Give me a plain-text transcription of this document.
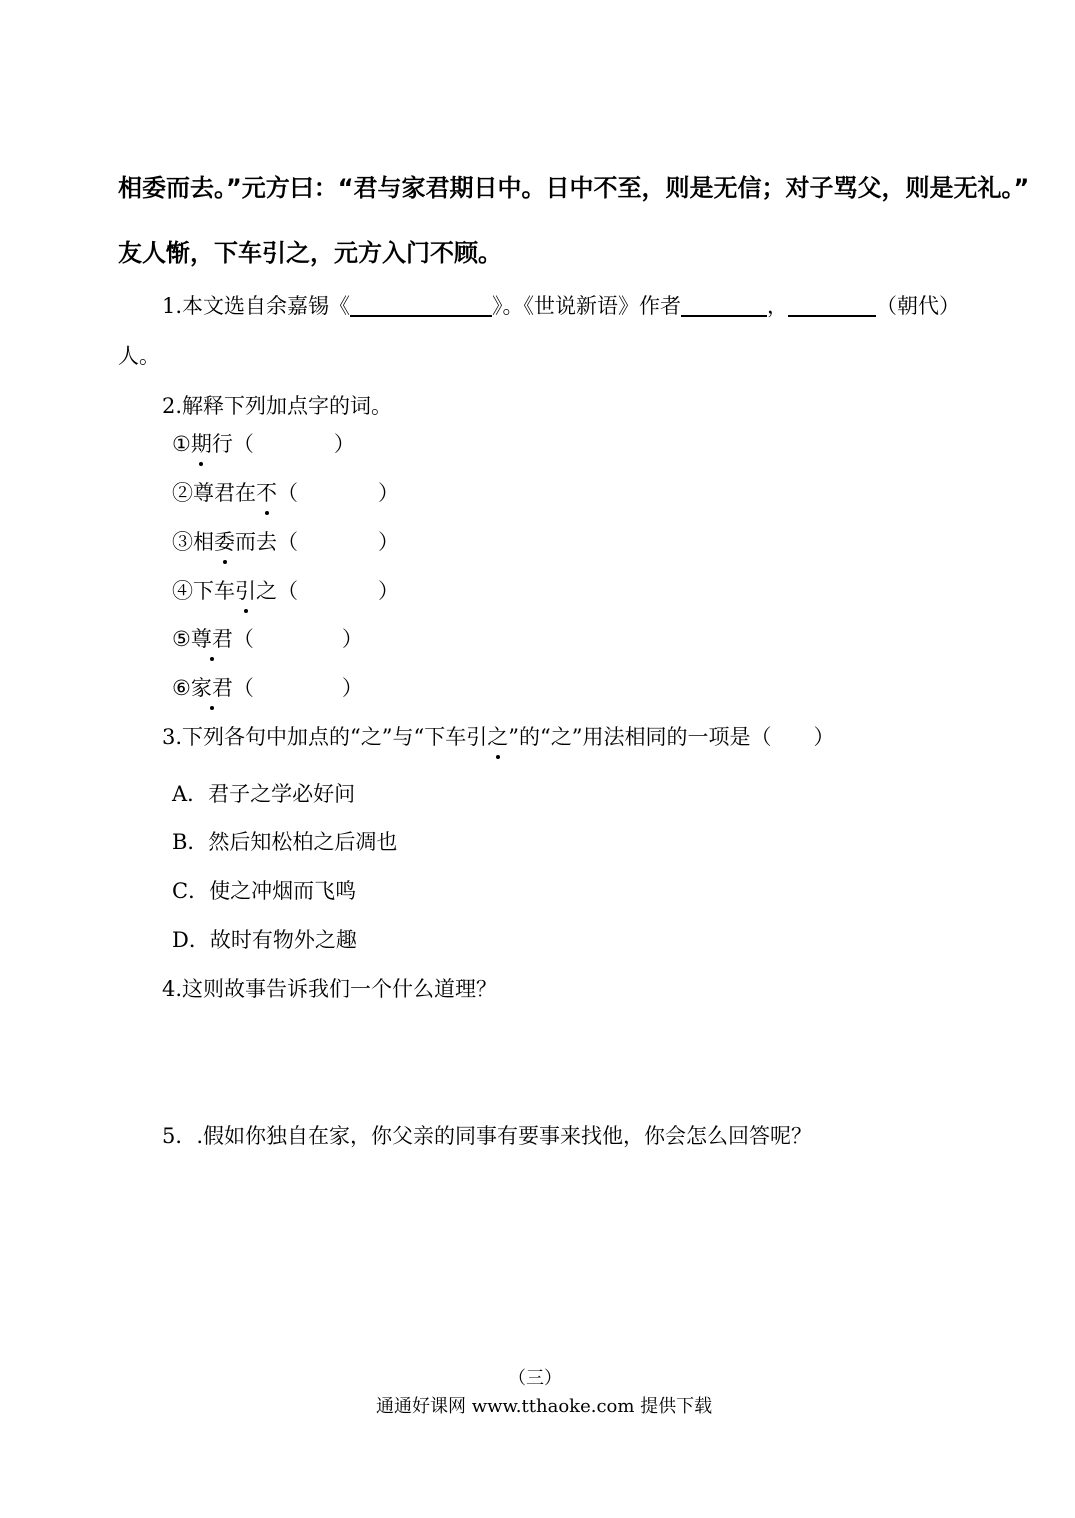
相委而去。”元方曰：“君与家君期日中。日中不至，则是无信；对子骂父，则是无礼。”
友人惭，下车引之，元方入门不顾。
1.本文选自余嘉锡《	》。《世说新语》作者	，	（朝代）
人。
2.解释下列加点字的词。
①期行（	）
②尊君在不（	）
③相委而去（	）
④下车引之（	）
⑤尊君（	）
⑥家君（	）
3.下列各句中加点的“之”与“下车引之”的“之”用法相同的一项是（　　）
A．君子之学必好问
B．然后知松柏之后凋也
C．使之冲烟而飞鸣
D．故时有物外之趣
4.这则故事告诉我们一个什么道理？
5．.假如你独自在家，你父亲的同事有要事来找他，你会怎么回答呢？
（三）
通通好课网 www.tthaoke.com 提供下载
